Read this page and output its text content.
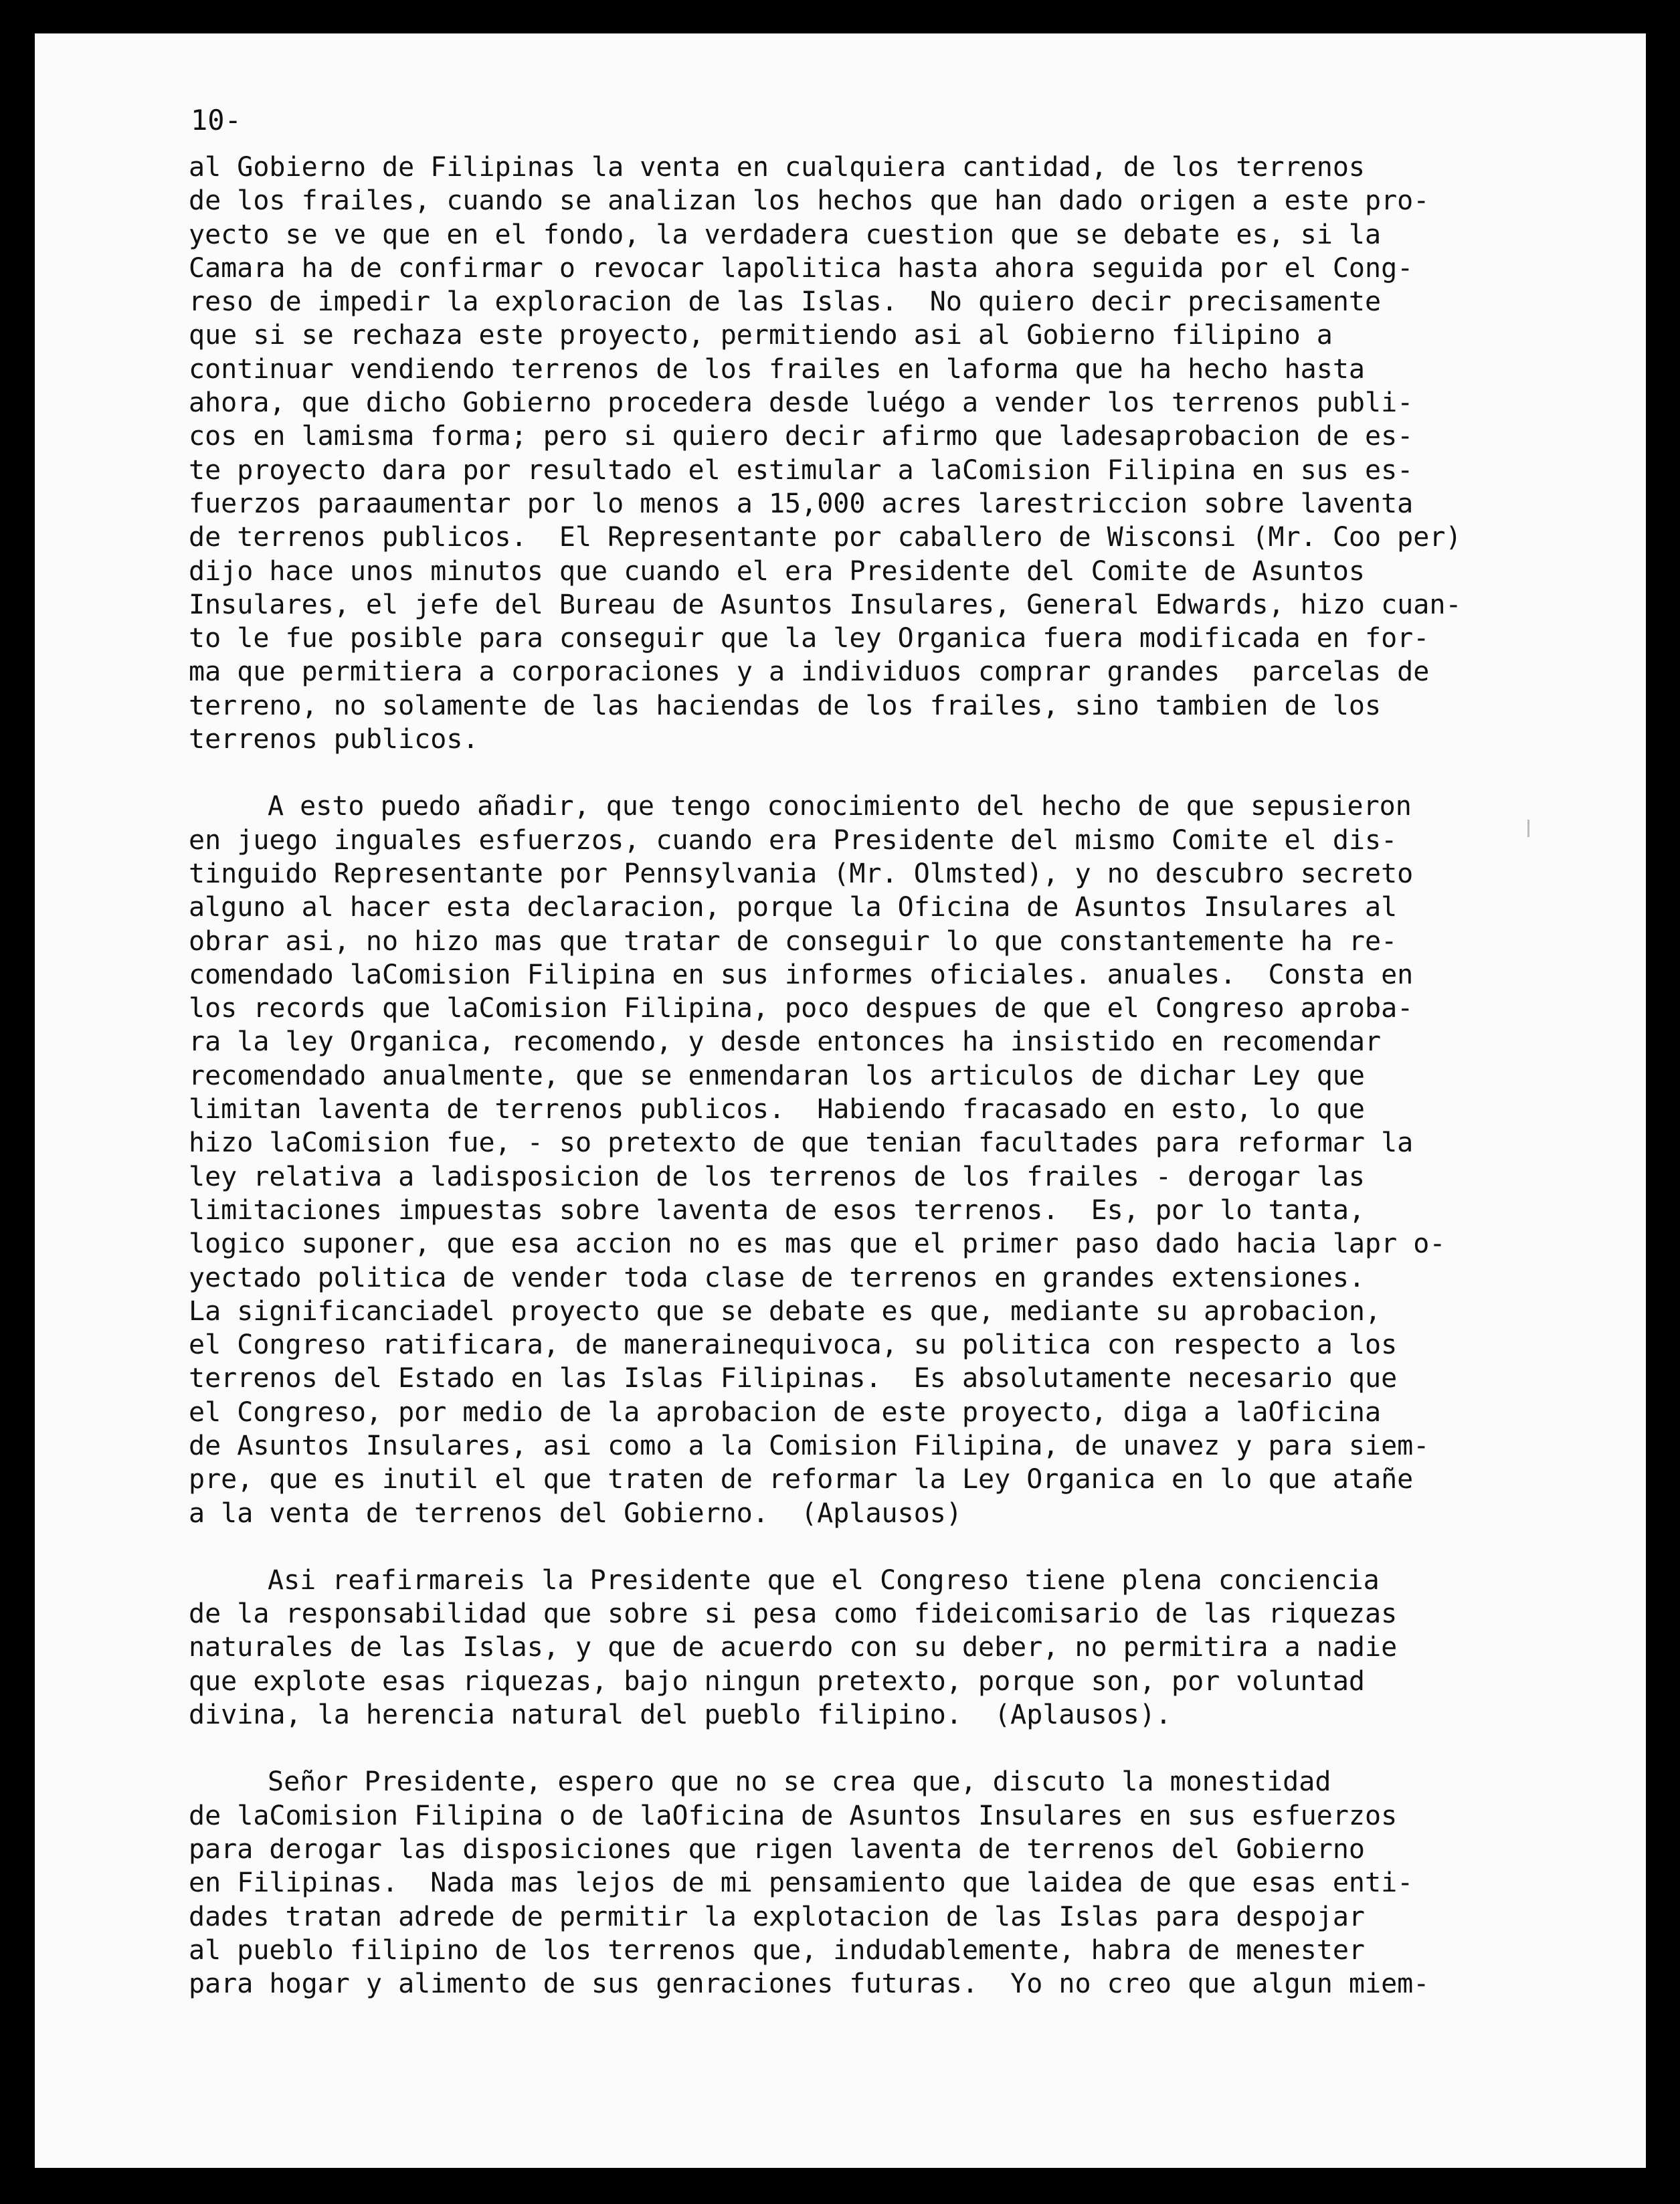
10-

al Gobierno de Filipinas la venta en cualquiera cantidad, de los terrenos
de los frailes, cuando se analizan los hechos que han dado origen a este pro-
yecto se ve que en el fondo, la verdadera cuestion que se debate es, si la
Camara ha de confirmar o revocar lapolitica hasta ahora seguida por el Cong-
reso de impedir la exploracion de las Islas.  No quiero decir precisamente
que si se rechaza este proyecto, permitiendo asi al Gobierno filipino a
continuar vendiendo terrenos de los frailes en laforma que ha hecho hasta
ahora, que dicho Gobierno procedera desde luégo a vender los terrenos publi-
cos en lamisma forma; pero si quiero decir afirmo que ladesaprobacion de es-
te proyecto dara por resultado el estimular a laComision Filipina en sus es-
fuerzos paraaumentar por lo menos a 15,000 acres larestriccion sobre laventa
de terrenos publicos.  El Representante por caballero de Wisconsi (Mr. Coo per)
dijo hace unos minutos que cuando el era Presidente del Comite de Asuntos
Insulares, el jefe del Bureau de Asuntos Insulares, General Edwards, hizo cuan-
to le fue posible para conseguir que la ley Organica fuera modificada en for-
ma que permitiera a corporaciones y a individuos comprar grandes  parcelas de
terreno, no solamente de las haciendas de los frailes, sino tambien de los
terrenos publicos.
A esto puedo añadir, que tengo conocimiento del hecho de que sepusieron
en juego inguales esfuerzos, cuando era Presidente del mismo Comite el dis-
tinguido Representante por Pennsylvania (Mr. Olmsted), y no descubro secreto
alguno al hacer esta declaracion, porque la Oficina de Asuntos Insulares al
obrar asi, no hizo mas que tratar de conseguir lo que constantemente ha re-
comendado laComision Filipina en sus informes oficiales. anuales.  Consta en
los records que laComision Filipina, poco despues de que el Congreso aproba-
ra la ley Organica, recomendo, y desde entonces ha insistido en recomendar
recomendado anualmente, que se enmendaran los articulos de dichar Ley que
limitan laventa de terrenos publicos.  Habiendo fracasado en esto, lo que
hizo laComision fue, - so pretexto de que tenian facultades para reformar la
ley relativa a ladisposicion de los terrenos de los frailes - derogar las
limitaciones impuestas sobre laventa de esos terrenos.  Es, por lo tanta,
logico suponer, que esa accion no es mas que el primer paso dado hacia lapr o-
yectado politica de vender toda clase de terrenos en grandes extensiones.
La significanciadel proyecto que se debate es que, mediante su aprobacion,
el Congreso ratificara, de manerainequivoca, su politica con respecto a los
terrenos del Estado en las Islas Filipinas.  Es absolutamente necesario que
el Congreso, por medio de la aprobacion de este proyecto, diga a laOficina
de Asuntos Insulares, asi como a la Comision Filipina, de unavez y para siem-
pre, que es inutil el que traten de reformar la Ley Organica en lo que atañe
a la venta de terrenos del Gobierno.  (Aplausos)
Asi reafirmareis la Presidente que el Congreso tiene plena conciencia
de la responsabilidad que sobre si pesa como fideicomisario de las riquezas
naturales de las Islas, y que de acuerdo con su deber, no permitira a nadie
que explote esas riquezas, bajo ningun pretexto, porque son, por voluntad
divina, la herencia natural del pueblo filipino.  (Aplausos).
Señor Presidente, espero que no se crea que, discuto la monestidad
de laComision Filipina o de laOficina de Asuntos Insulares en sus esfuerzos
para derogar las disposiciones que rigen laventa de terrenos del Gobierno
en Filipinas.  Nada mas lejos de mi pensamiento que laidea de que esas enti-
dades tratan adrede de permitir la explotacion de las Islas para despojar
al pueblo filipino de los terrenos que, indudablemente, habra de menester
para hogar y alimento de sus genraciones futuras.  Yo no creo que algun miem-
